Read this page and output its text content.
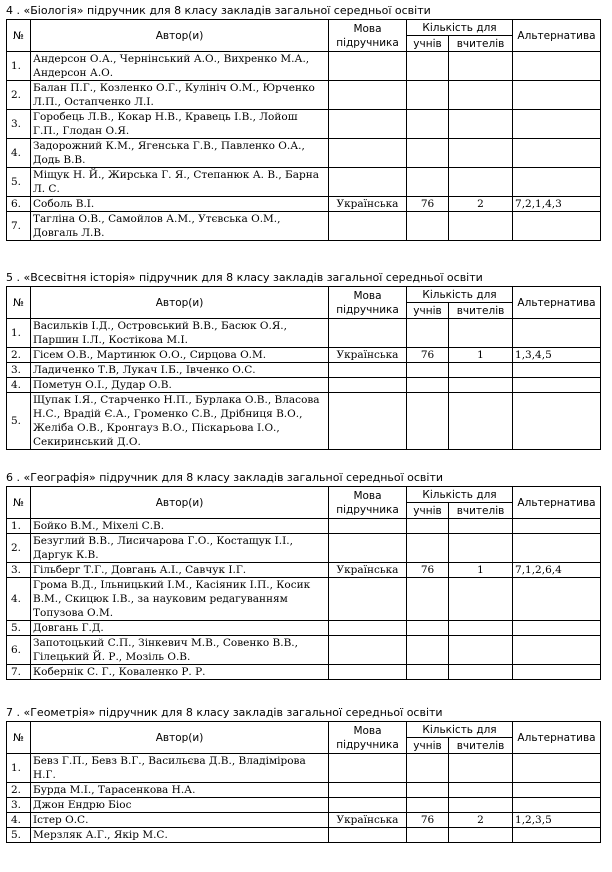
4 . «Біологія» підручник для 8 класу закладів загальної середньої освіти
№	Автор(и)	Мова підручника	Кількість для		Альтернатива
			учнів	вчителів	
1.	Андерсон О.А., Чернінський А.О., Вихренко М.А., Андерсон А.О.				
2.	Балан П.Г., Козленко О.Г., Кулініч О.М., Юрченко Л.П., Остапченко Л.І.				
3.	Горобець Л.В., Кокар Н.В., Кравець І.В., Лойош Г.П., Глодан О.Я.				
4.	Задорожний К.М., Ягенська Г.В., Павленко О.А., Додь В.В.				
5.	Міщук Н. Й., Жирська Г. Я., Степанюк А. В., Барна Л. С.				
6.	Соболь В.І.	Українська	76	2	7,2,1,4,3
7.	Тагліна О.В., Самойлов А.М., Утєвська О.М., Довгаль Л.В.				
5 . «Всесвітня історія» підручник для 8 класу закладів загальної середньої освіти
№	Автор(и)	Мова підручника	Кількість для		Альтернатива
			учнів	вчителів	
1.	Васильків І.Д., Островський В.В., Басюк О.Я., Паршин І.Л., Костікова М.І.				
2.	Гісем О.В., Мартинюк О.О., Сирцова О.М.	Українська	76	1	1,3,4,5
3.	Ладиченко Т.В, Лукач І.Б., Івченко О.С.				
4.	Пометун О.І., Дудар О.В.				
5.	Щупак І.Я., Старченко Н.П., Бурлака О.В., Власова Н.С., Врадій Є.А., Громенко С.В., Дрібниця В.О., Желіба О.В., Кронгауз В.О., Піскарьова І.О., Секиринський Д.О.				
6 . «Географія» підручник для 8 класу закладів загальної середньої освіти
№	Автор(и)	Мова підручника	Кількість для		Альтернатива
			учнів	вчителів	
1.	Бойко В.М., Міхелі С.В.				
2.	Безуглий В.В., Лисичарова Г.О., Костащук І.І., Даргук К.В.				
3.	Гільберг Т.Г., Довгань А.І., Савчук І.Г.	Українська	76	1	7,1,2,6,4
4.	Грома В.Д., Ільницький І.М., Касіяник І.П., Косик В.М., Скицюк І.В., за науковим редагуванням Топузова О.М.				
5.	Довгань Г.Д.				
6.	Запотоцький С.П., Зінкевич М.В., Совенко В.В., Гілецький Й. Р., Мозіль О.В.				
7.	Кобернік С. Г., Коваленко Р. Р.				
7 . «Геометрія» підручник для 8 класу закладів загальної середньої освіти
№	Автор(и)	Мова підручника	Кількість для		Альтернатива
			учнів	вчителів	
1.	Бевз Г.П., Бевз В.Г., Васильєва Д.В., Владімірова Н.Г.				
2.	Бурда М.І., Тарасенкова Н.А.				
3.	Джон Ендрю Біос				
4.	Істер О.С.	Українська	76	2	1,2,3,5
5.	Мерзляк А.Г., Якір М.С.				
